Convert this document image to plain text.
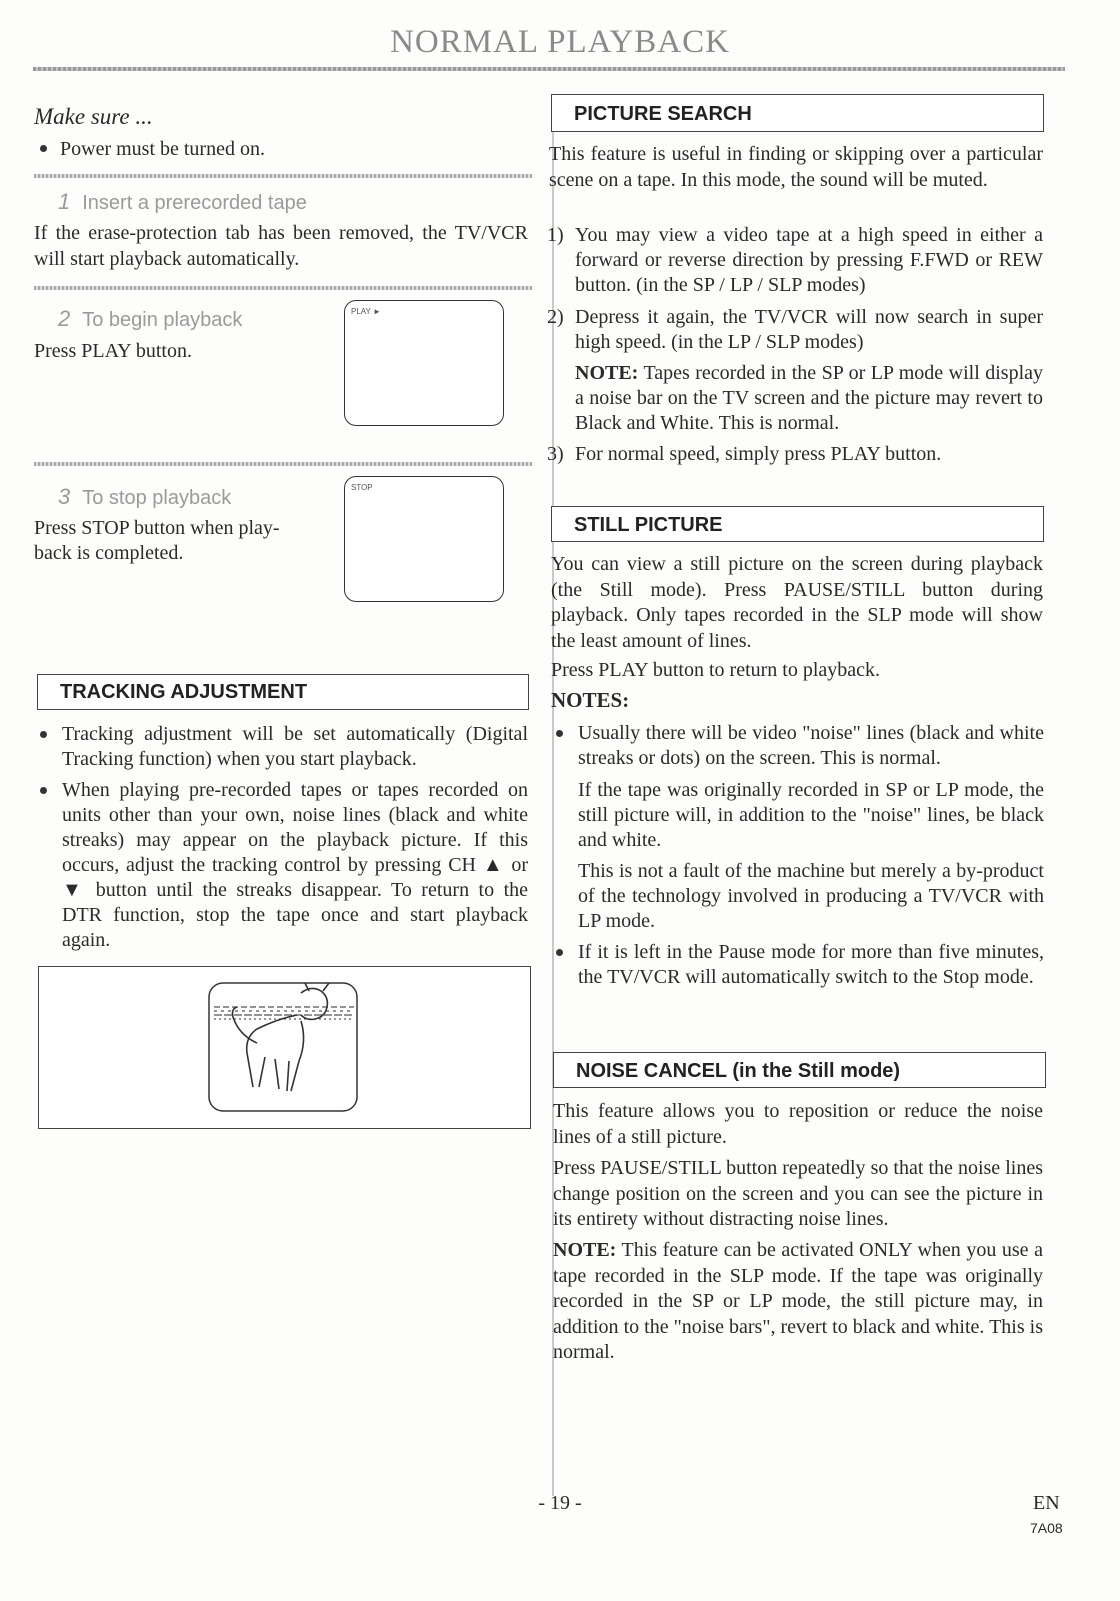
NORMAL PLAYBACK
Make sure ...
Power must be turned on.
1 Insert a prerecorded tape

If the erase-protection tab has been removed, the TV/VCR will start playback automatically.

2 To begin playback

Press PLAY button.

PLAY ►
3 To stop playback

Press STOP button when play-

back is completed.

STOP
TRACKING ADJUSTMENT
Tracking adjustment will be set automatically (Digital Tracking function) when you start playback.
When playing pre-recorded tapes or tapes recorded on units other than your own, noise lines (black and white streaks) may appear on the playback picture. If this occurs, adjust the tracking control by pressing CH ▲ or ▼ button until the streaks disappear. To return to the DTR function, stop the tape once and start playback again.
PICTURE SEARCH

This feature is useful in finding or skipping over a particular scene on a tape. In this mode, the sound will be muted.

1) You may view a video tape at a high speed in either a forward or reverse direction by pressing F.FWD or REW button. (in the SP / LP / SLP modes)
2) Depress it again, the TV/VCR will now search in super high speed. (in the LP / SLP modes)
NOTE: Tapes recorded in the SP or LP mode will display a noise bar on the TV screen and the picture may revert to Black and White. This is normal.
3) For normal speed, simply press PLAY button.
STILL PICTURE

You can view a still picture on the screen during playback (the Still mode). Press PAUSE/STILL button during playback. Only tapes recorded in the SLP mode will show the least amount of lines.

Press PLAY button to return to playback.

NOTES:
Usually there will be video "noise" lines (black and white streaks or dots) on the screen. This is normal.
If the tape was originally recorded in SP or LP mode, the still picture will, in addition to the "noise" lines, be black and white.
This is not a fault of the machine but merely a by-product of the technology involved in producing a TV/VCR with LP mode.
If it is left in the Pause mode for more than five minutes, the TV/VCR will automatically switch to the Stop mode.
NOISE CANCEL (in the Still mode)

This feature allows you to reposition or reduce the noise lines of a still picture.

Press PAUSE/STILL button repeatedly so that the noise lines change position on the screen and you can see the picture in its entirety without distracting noise lines.

NOTE: This feature can be activated ONLY when you use a tape recorded in the SLP mode. If the tape was originally recorded in the SP or LP mode, the still picture may, in addition to the "noise bars", revert to black and white. This is normal.

- 19 -	EN
7A08
